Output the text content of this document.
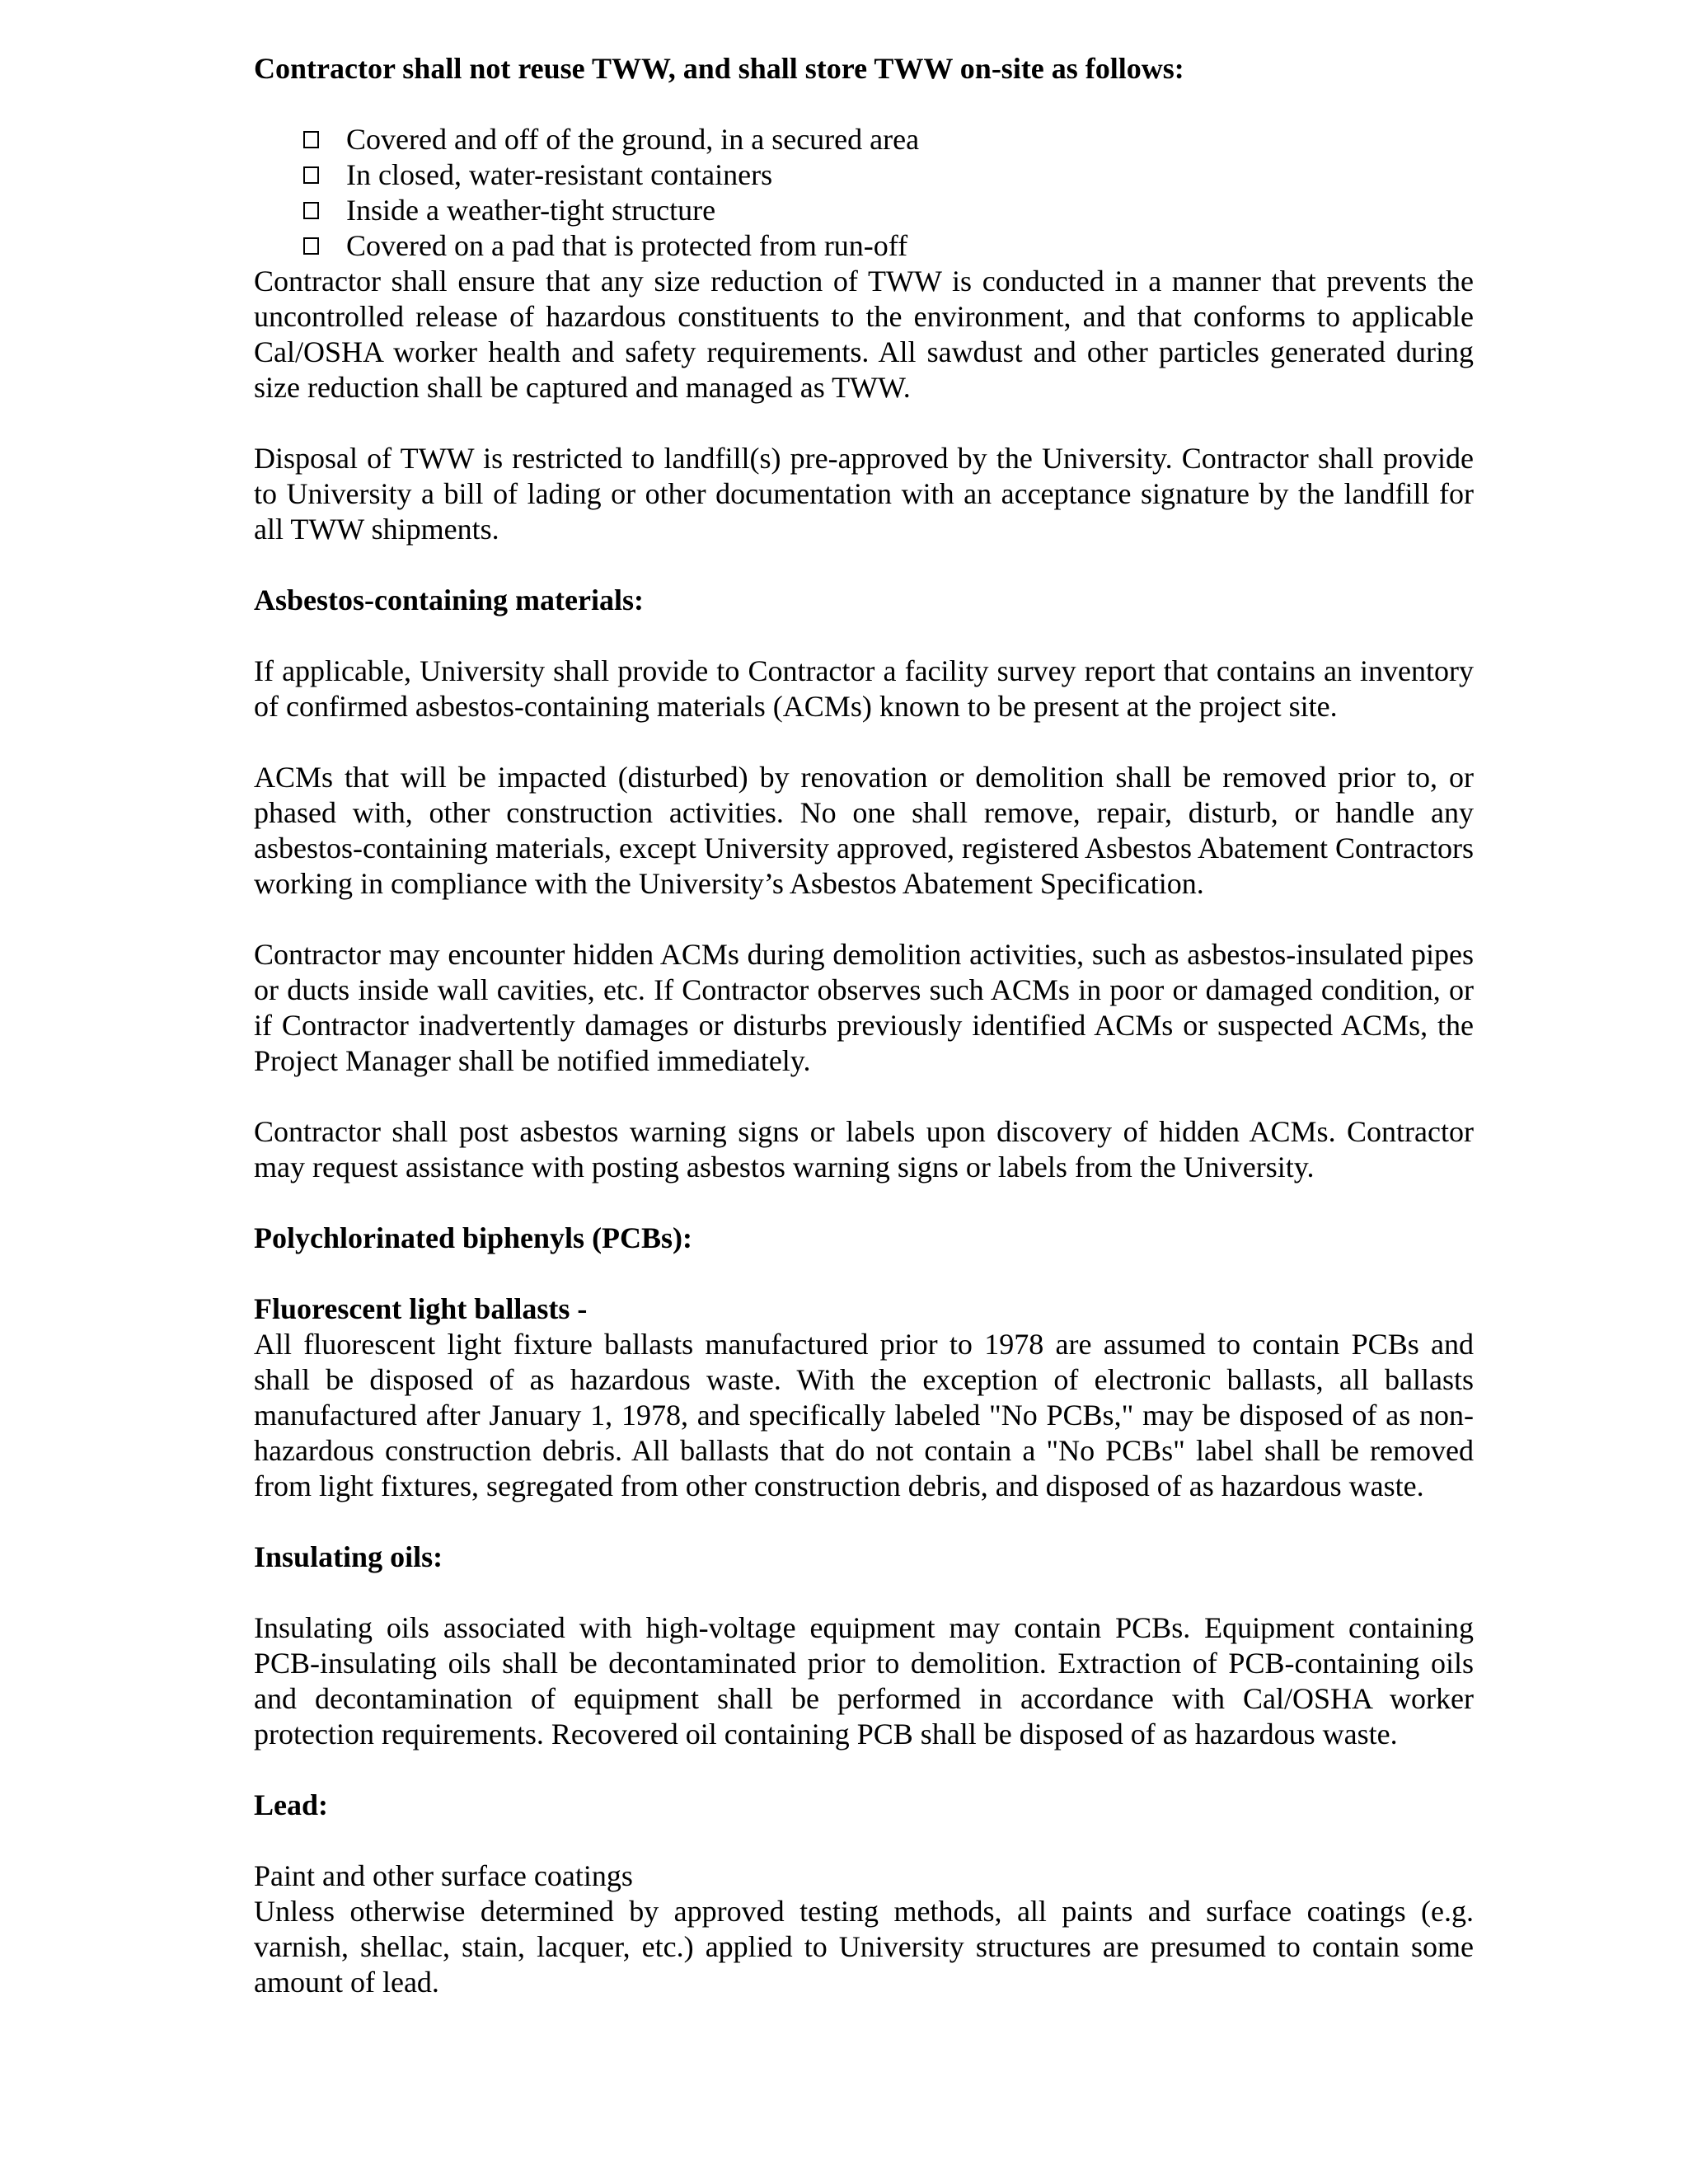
Contractor shall not reuse TWW, and shall store TWW on-site as follows:

Covered and off of the ground, in a secured area
In closed, water-resistant containers
Inside a weather-tight structure
Covered on a pad that is protected from run-off

Contractor shall ensure that any size reduction of TWW is conducted in a manner that prevents the uncontrolled release of hazardous constituents to the environment, and that conforms to applicable Cal/OSHA worker health and safety requirements. All sawdust and other particles generated during size reduction shall be captured and managed as TWW.

Disposal of TWW is restricted to landfill(s) pre-approved by the University. Contractor shall provide to University a bill of lading or other documentation with an acceptance signature by the landfill for all TWW shipments.

Asbestos-containing materials:

If applicable, University shall provide to Contractor a facility survey report that contains an inventory of confirmed asbestos-containing materials (ACMs) known to be present at the project site.

ACMs that will be impacted (disturbed) by renovation or demolition shall be removed prior to, or phased with, other construction activities. No one shall remove, repair, disturb, or handle any asbestos-containing materials, except University approved, registered Asbestos Abatement Contractors working in compliance with the University’s Asbestos Abatement Specification.

Contractor may encounter hidden ACMs during demolition activities, such as asbestos-insulated pipes or ducts inside wall cavities, etc. If Contractor observes such ACMs in poor or damaged condition, or if Contractor inadvertently damages or disturbs previously identified ACMs or suspected ACMs, the Project Manager shall be notified immediately.

Contractor shall post asbestos warning signs or labels upon discovery of hidden ACMs. Contractor may request assistance with posting asbestos warning signs or labels from the University.

Polychlorinated biphenyls (PCBs):

Fluorescent light ballasts -

All fluorescent light fixture ballasts manufactured prior to 1978 are assumed to contain PCBs and shall be disposed of as hazardous waste. With the exception of electronic ballasts, all ballasts manufactured after January 1, 1978, and specifically labeled "No PCBs," may be disposed of as non-hazardous construction debris. All ballasts that do not contain a "No PCBs" label shall be removed from light fixtures, segregated from other construction debris, and disposed of as hazardous waste.

Insulating oils:

Insulating oils associated with high-voltage equipment may contain PCBs. Equipment containing PCB-insulating oils shall be decontaminated prior to demolition. Extraction of PCB-containing oils and decontamination of equipment shall be performed in accordance with Cal/OSHA worker protection requirements. Recovered oil containing PCB shall be disposed of as hazardous waste.

Lead:

Paint and other surface coatings

Unless otherwise determined by approved testing methods, all paints and surface coatings (e.g. varnish, shellac, stain, lacquer, etc.) applied to University structures are presumed to contain some amount of lead.
